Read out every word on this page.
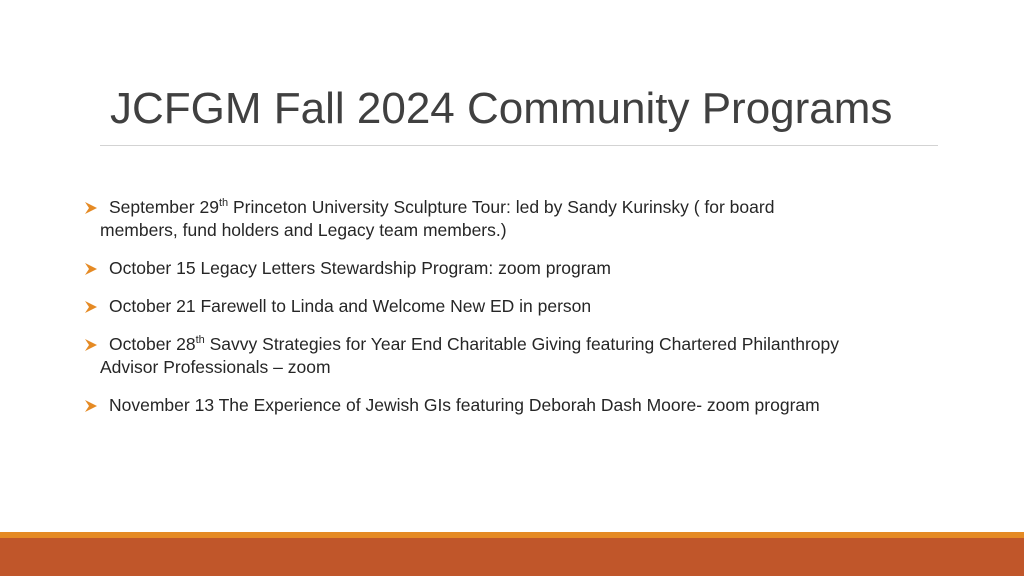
JCFGM Fall 2024 Community Programs
September 29th Princeton University Sculpture Tour: led by Sandy Kurinsky ( for board
members, fund holders and Legacy team members.)
October 15 Legacy Letters Stewardship Program: zoom program
October 21 Farewell to Linda and Welcome New ED in person
October 28th Savvy Strategies for Year End Charitable Giving featuring Chartered Philanthropy
Advisor Professionals – zoom
November 13 The Experience of Jewish GIs featuring Deborah Dash Moore- zoom program
